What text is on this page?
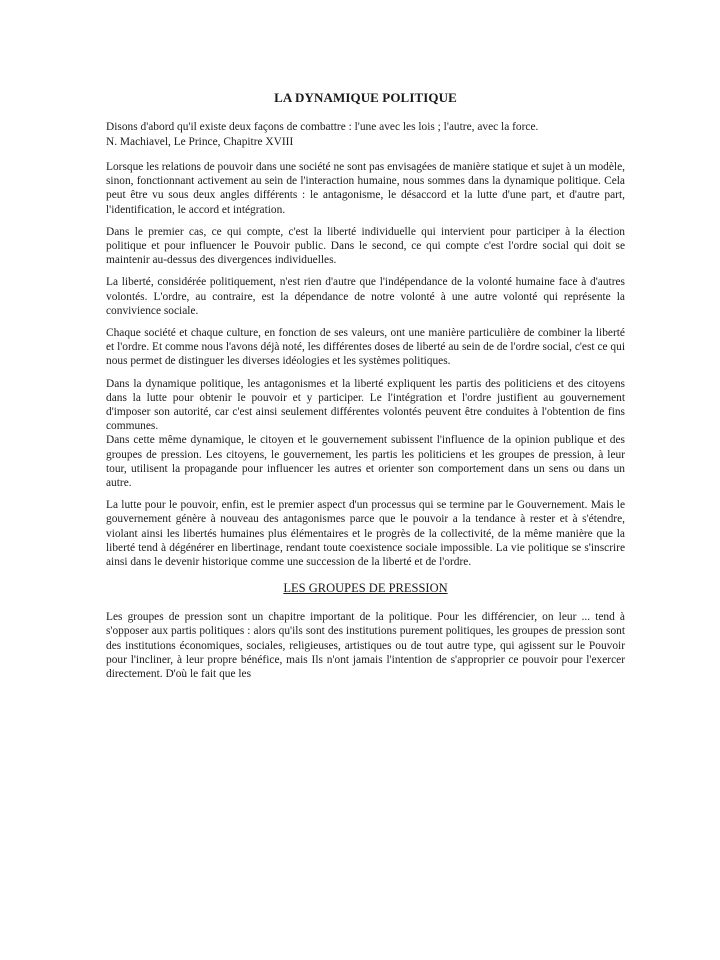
LA DYNAMIQUE POLITIQUE
Disons d'abord qu'il existe deux façons de combattre : l'une avec les lois ; l'autre, avec la force.
N. Machiavel, Le Prince, Chapitre XVIII
Lorsque les relations de pouvoir dans une société ne sont pas envisagées de manière statique et sujet à un modèle, sinon, fonctionnant activement au sein de l'interaction humaine, nous sommes dans la dynamique politique. Cela peut être vu sous deux angles différents : le antagonisme, le désaccord et la lutte d'une part, et d'autre part, l'identification, le accord et intégration.
Dans le premier cas, ce qui compte, c'est la liberté individuelle qui intervient pour participer à la élection politique et pour influencer le Pouvoir public. Dans le second, ce qui compte c'est l'ordre social qui doit se maintenir au-dessus des divergences individuelles.
La liberté, considérée politiquement, n'est rien d'autre que l'indépendance de la volonté humaine face à d'autres volontés. L'ordre, au contraire, est la dépendance de notre volonté à une autre volonté qui représente la convivience sociale.
Chaque société et chaque culture, en fonction de ses valeurs, ont une manière particulière de combiner la liberté et l'ordre. Et comme nous l'avons déjà noté, les différentes doses de liberté au sein de de l'ordre social, c'est ce qui nous permet de distinguer les diverses idéologies et les systèmes politiques.
Dans la dynamique politique, les antagonismes et la liberté expliquent les partis des politiciens et des citoyens dans la lutte pour obtenir le pouvoir et y participer. Le l'intégration et l'ordre justifient au gouvernement d'imposer son autorité, car c'est ainsi seulement différentes volontés peuvent être conduites à l'obtention de fins communes.
Dans cette même dynamique, le citoyen et le gouvernement subissent l'influence de la opinion publique et des groupes de pression. Les citoyens, le gouvernement, les partis les politiciens et les groupes de pression, à leur tour, utilisent la propagande pour influencer les autres et orienter son comportement dans un sens ou dans un autre.
La lutte pour le pouvoir, enfin, est le premier aspect d'un processus qui se termine par le Gouvernement. Mais le gouvernement génère à nouveau des antagonismes parce que le pouvoir a la tendance à rester et à s'étendre, violant ainsi les libertés humaines plus élémentaires et le progrès de la collectivité, de la même manière que la liberté tend à dégénérer en libertinage, rendant toute coexistence sociale impossible. La vie politique se s'inscrire ainsi dans le devenir historique comme une succession de la liberté et de l'ordre.
LES GROUPES DE PRESSION
Les groupes de pression sont un chapitre important de la politique. Pour les différencier, on leur ... tend à s'opposer aux partis politiques : alors qu'ils sont des institutions purement politiques, les groupes de pression sont des institutions économiques, sociales, religieuses, artistiques ou de tout autre type, qui agissent sur le Pouvoir pour l'incliner, à leur propre bénéfice, mais Ils n'ont jamais l'intention de s'approprier ce pouvoir pour l'exercer directement. D'où le fait que les
